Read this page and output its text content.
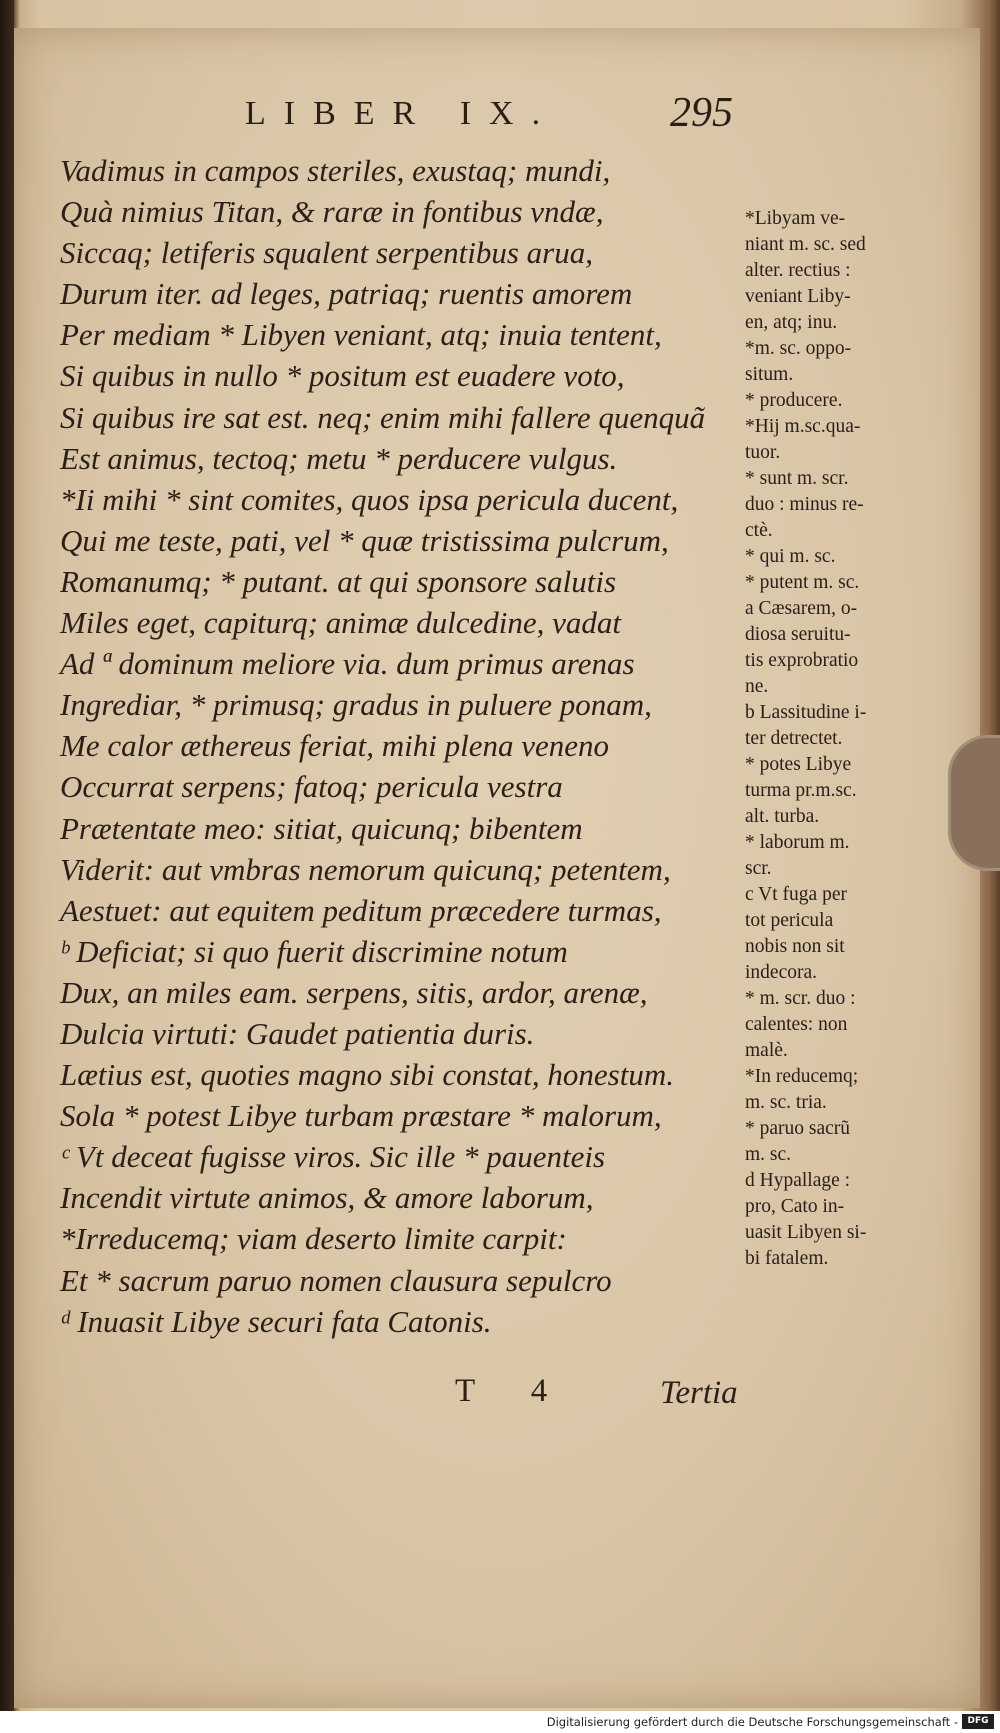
LIBER IX.	295
Vadimus in campos steriles, exustaq; mundi,
Quà nimius Titan, & raræ in fontibus vndæ,
Siccaq; letiferis squalent serpentibus arua,
Durum iter. ad leges, patriaq; ruentis amorem
Per mediam * Libyen veniant, atq; inuia tentent,
Si quibus in nullo * positum est euadere voto,
Si quibus ire sat est. neq; enim mihi fallere quenquã
Est animus, tectoq; metu * perducere vulgus.
*Ii mihi * sint comites, quos ipsa pericula ducent,
Qui me teste, pati, vel * quæ tristissima pulcrum,
Romanumq; * putant. at qui sponsore salutis
Miles eget, capiturq; animæ dulcedine, vadat
Ad ª dominum meliore via. dum primus arenas
Ingrediar, * primusq; gradus in puluere ponam,
Me calor æthereus feriat, mihi plena veneno
Occurrat serpens; fatoq; pericula vestra
Prætentate meo: sitiat, quicunq; bibentem
Viderit: aut vmbras nemorum quicunq; petentem,
Aestuet: aut equitem peditum præcedere turmas,
ᵇ Deficiat; si quo fuerit discrimine notum
Dux, an miles eam. serpens, sitis, ardor, arenæ,
Dulcia virtuti: Gaudet patientia duris.
Lætius est, quoties magno sibi constat, honestum.
Sola * potest Libye turbam præstare * malorum,
ᶜ Vt deceat fugisse viros. Sic ille * pauenteis
Incendit virtute animos, & amore laborum,
*Irreducemq; viam deserto limite carpit:
Et * sacrum paruo nomen clausura sepulcro
ᵈ Inuasit Libye securi fata Catonis.
*Libyam ve-
niant m. sc. sed
alter. rectius :
veniant Liby-
en, atq; inu.
*m. sc. oppo-
situm.
* producere.
*Hij m.sc.qua-
tuor.
* sunt m. scr.
duo : minus re-
ctè.
* qui m. sc.
* putent m. sc.
a Cæsarem, o-
diosa seruitu-
tis exprobratio
ne.
b Lassitudine i-
ter detrectet.
* potes Libye
turma pr.m.sc.
alt. turba.
* laborum m.
scr.
c Vt fuga per
tot pericula
nobis non sit
indecora.
* m. scr. duo :
calentes: non
malè.
*In reducemq;
m. sc. tria.
* paruo sacrũ
m. sc.
d Hypallage :
pro, Cato in-
uasit Libyen si-
bi fatalem.
T 4	Tertia
Digitalisierung gefördert durch die Deutsche Forschungsgemeinschaft -	DFG
